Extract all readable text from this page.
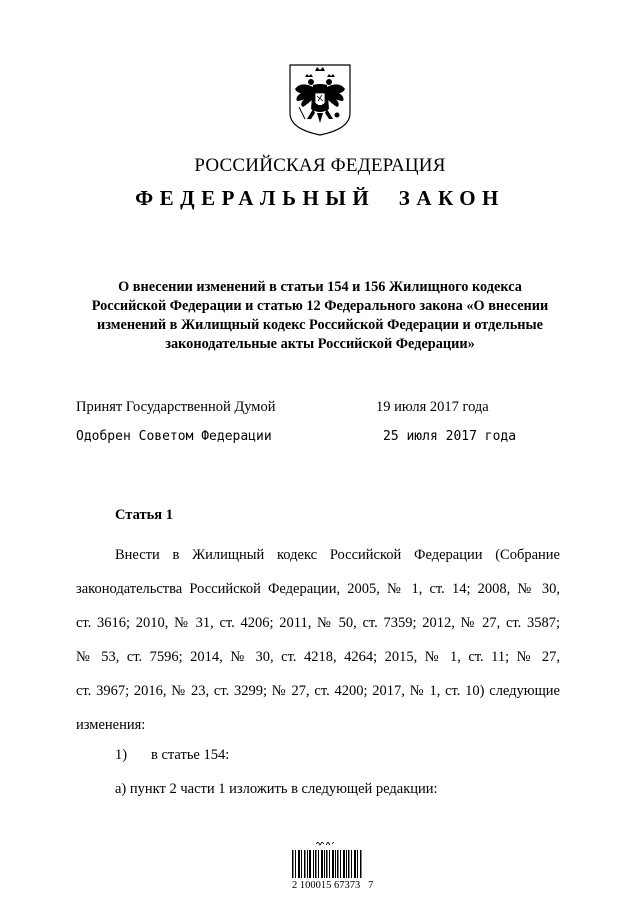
РОССИЙСКАЯ ФЕДЕРАЦИЯ
ФЕДЕРАЛЬНЫЙ  ЗАКОН
О внесении изменений в статьи 154 и 156 Жилищного кодекса
Российской Федерации и статью 12 Федерального закона «О внесении
изменений в Жилищный кодекс Российской Федерации и отдельные
законодательные акты Российской Федерации»
Принят Государственной Думой	19 июля 2017 года
Одобрен Советом Федерации	25 июля 2017 года
Статья 1
Внести в Жилищный кодекс Российской Федерации (Собрание
законодательства Российской Федерации, 2005, № 1, ст. 14; 2008, № 30,
ст. 3616; 2010, № 31, ст. 4206; 2011, № 50, ст. 7359; 2012, № 27, ст. 3587;
№ 53, ст. 7596; 2014, № 30, ст. 4218, 4264; 2015, № 1, ст. 11; № 27,
ст. 3967; 2016, № 23, ст. 3299; № 27, ст. 4200; 2017, № 1, ст. 10) следующие
изменения:
1) в статье 154:
а) пункт 2 части 1 изложить в следующей редакции:
2 100015 67373   7
